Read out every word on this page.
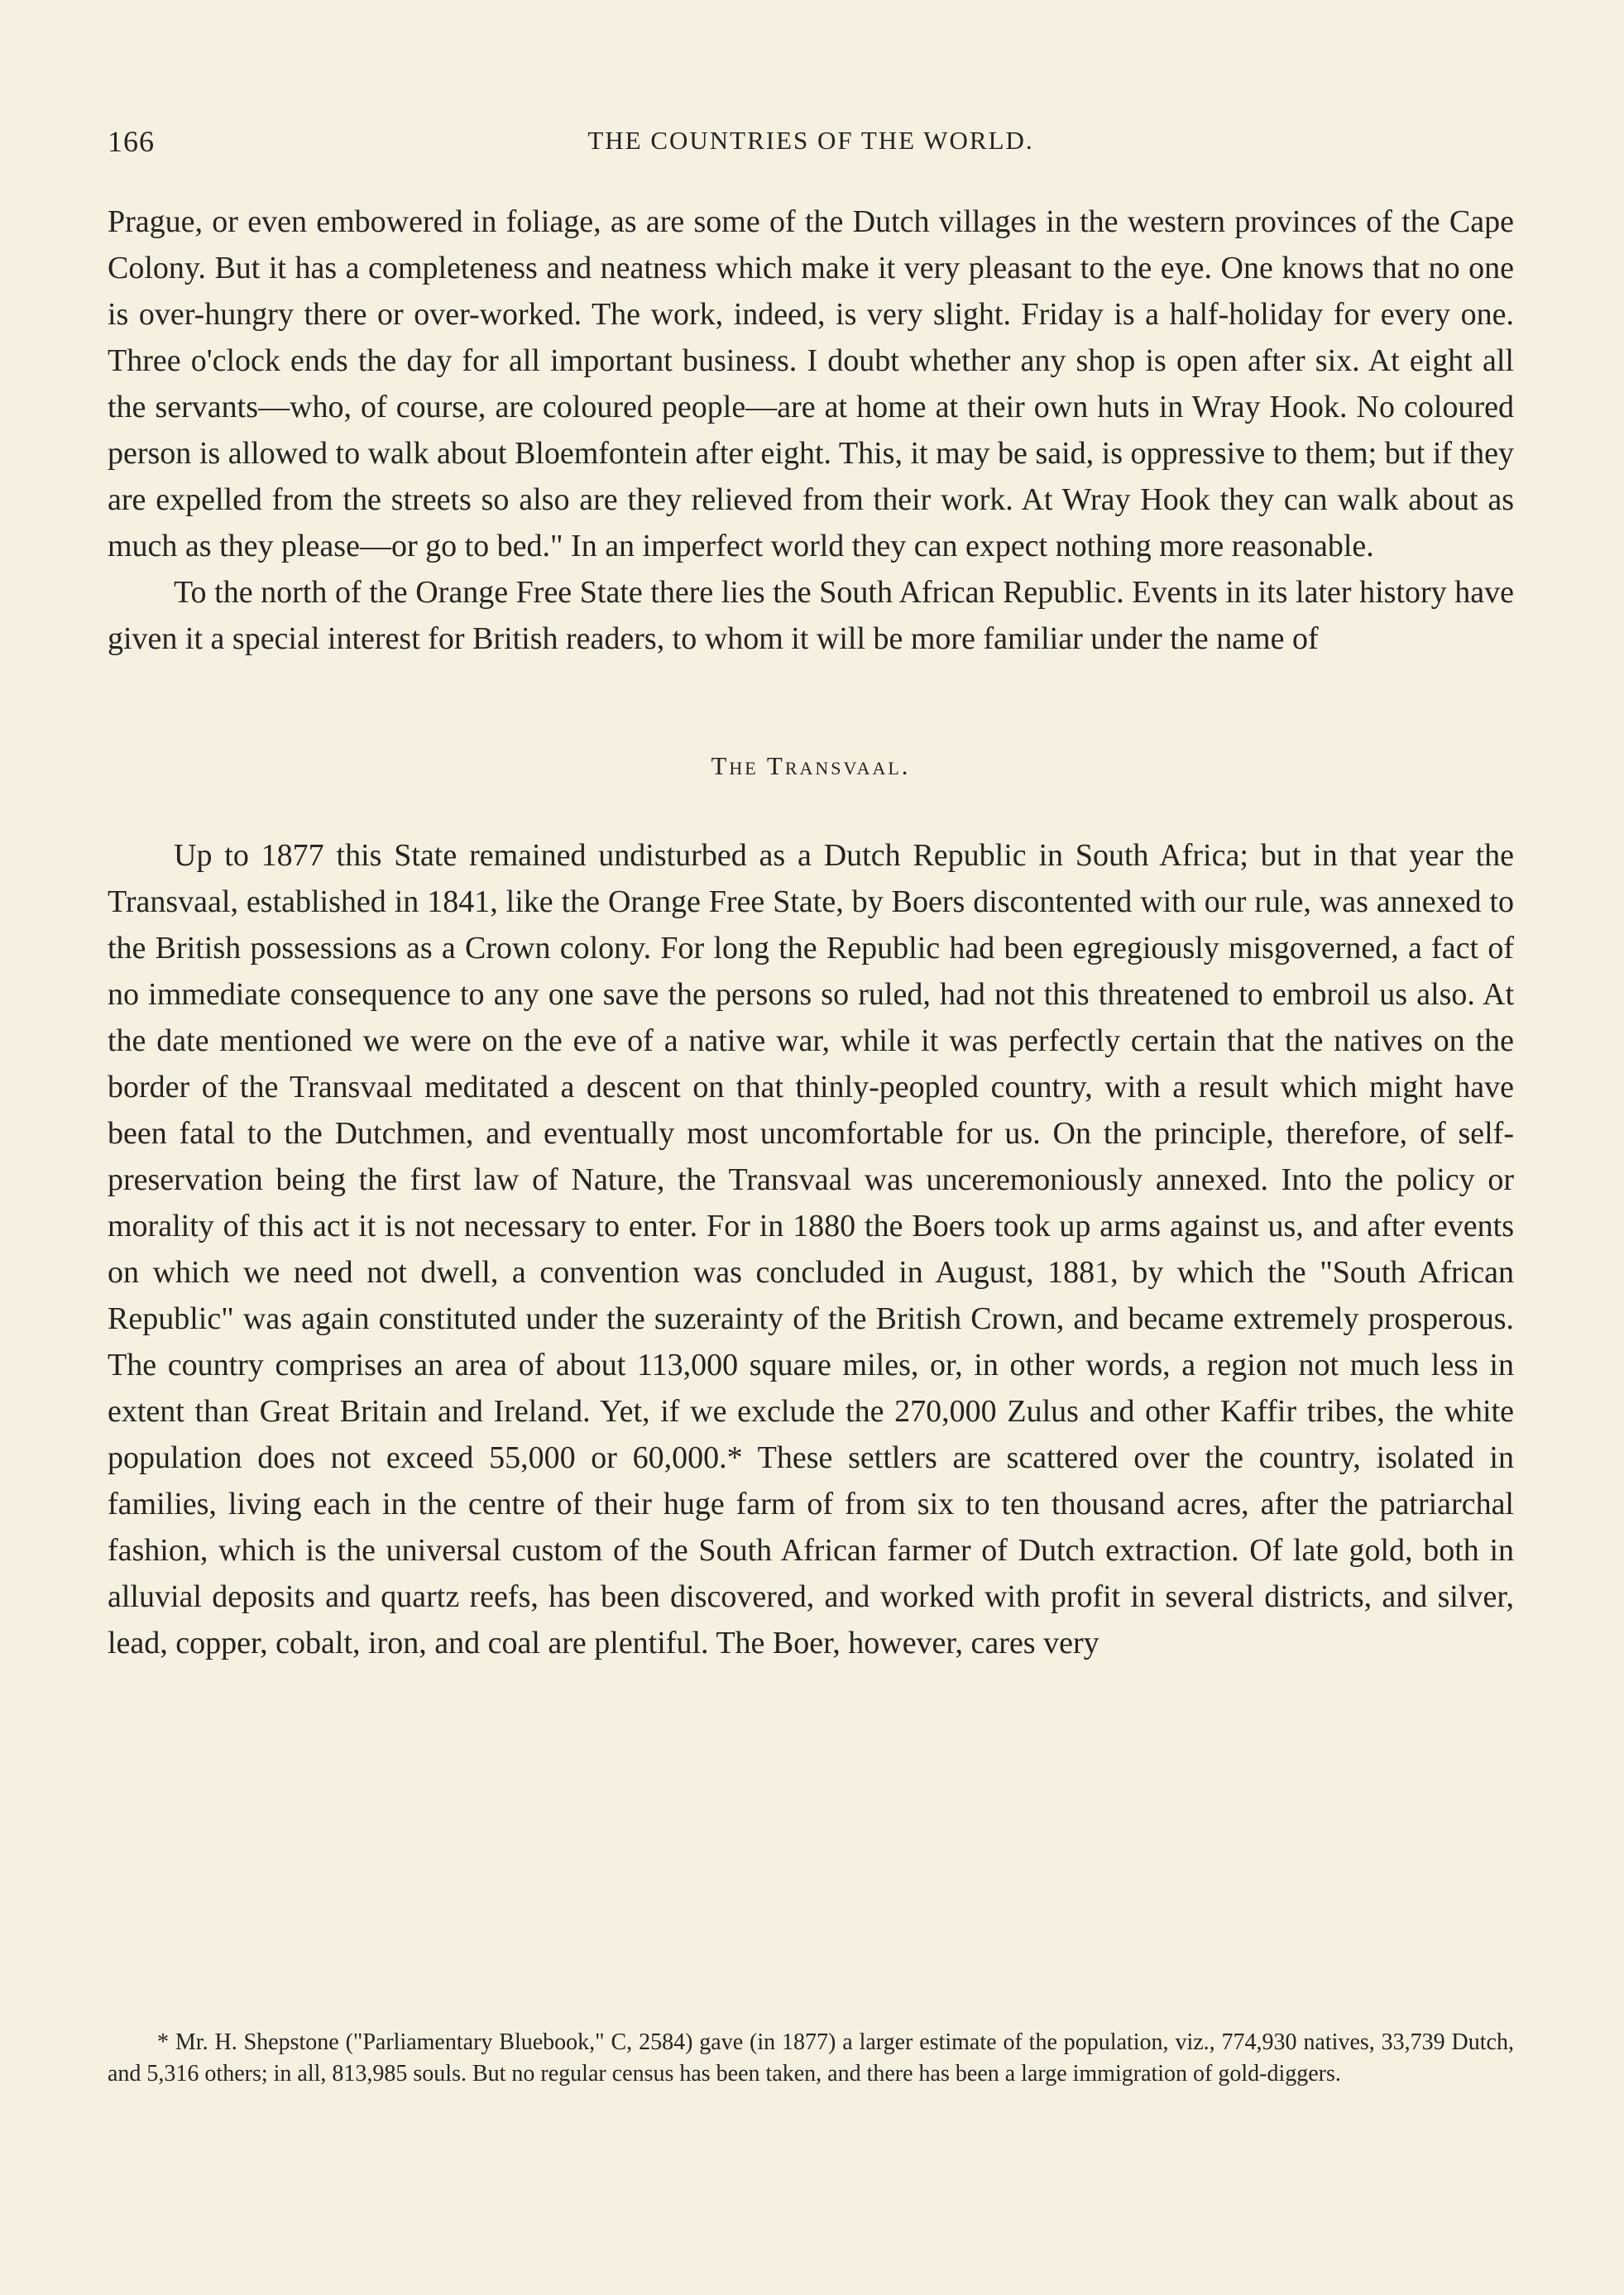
166	THE COUNTRIES OF THE WORLD.

Prague, or even embowered in foliage, as are some of the Dutch villages in the western provinces of the Cape Colony. But it has a completeness and neatness which make it very pleasant to the eye. One knows that no one is over-hungry there or over-worked. The work, indeed, is very slight. Friday is a half-holiday for every one. Three o'clock ends the day for all important business. I doubt whether any shop is open after six. At eight all the servants—who, of course, are coloured people—are at home at their own huts in Wray Hook. No coloured person is allowed to walk about Bloemfontein after eight. This, it may be said, is oppressive to them; but if they are expelled from the streets so also are they relieved from their work. At Wray Hook they can walk about as much as they please—or go to bed." In an imperfect world they can expect nothing more reasonable.

To the north of the Orange Free State there lies the South African Republic. Events in its later history have given it a special interest for British readers, to whom it will be more familiar under the name of

The Transvaal.

Up to 1877 this State remained undisturbed as a Dutch Republic in South Africa; but in that year the Transvaal, established in 1841, like the Orange Free State, by Boers discontented with our rule, was annexed to the British possessions as a Crown colony. For long the Republic had been egregiously misgoverned, a fact of no immediate consequence to any one save the persons so ruled, had not this threatened to embroil us also. At the date mentioned we were on the eve of a native war, while it was perfectly certain that the natives on the border of the Transvaal meditated a descent on that thinly-peopled country, with a result which might have been fatal to the Dutchmen, and eventually most uncomfortable for us. On the principle, therefore, of self-preservation being the first law of Nature, the Transvaal was unceremoniously annexed. Into the policy or morality of this act it is not necessary to enter. For in 1880 the Boers took up arms against us, and after events on which we need not dwell, a convention was concluded in August, 1881, by which the "South African Republic" was again constituted under the suzerainty of the British Crown, and became extremely prosperous. The country comprises an area of about 113,000 square miles, or, in other words, a region not much less in extent than Great Britain and Ireland. Yet, if we exclude the 270,000 Zulus and other Kaffir tribes, the white population does not exceed 55,000 or 60,000.* These settlers are scattered over the country, isolated in families, living each in the centre of their huge farm of from six to ten thousand acres, after the patriarchal fashion, which is the universal custom of the South African farmer of Dutch extraction. Of late gold, both in alluvial deposits and quartz reefs, has been discovered, and worked with profit in several districts, and silver, lead, copper, cobalt, iron, and coal are plentiful. The Boer, however, cares very

* Mr. H. Shepstone ("Parliamentary Bluebook," C, 2584) gave (in 1877) a larger estimate of the population, viz., 774,930 natives, 33,739 Dutch, and 5,316 others; in all, 813,985 souls. But no regular census has been taken, and there has been a large immigration of gold-diggers.
